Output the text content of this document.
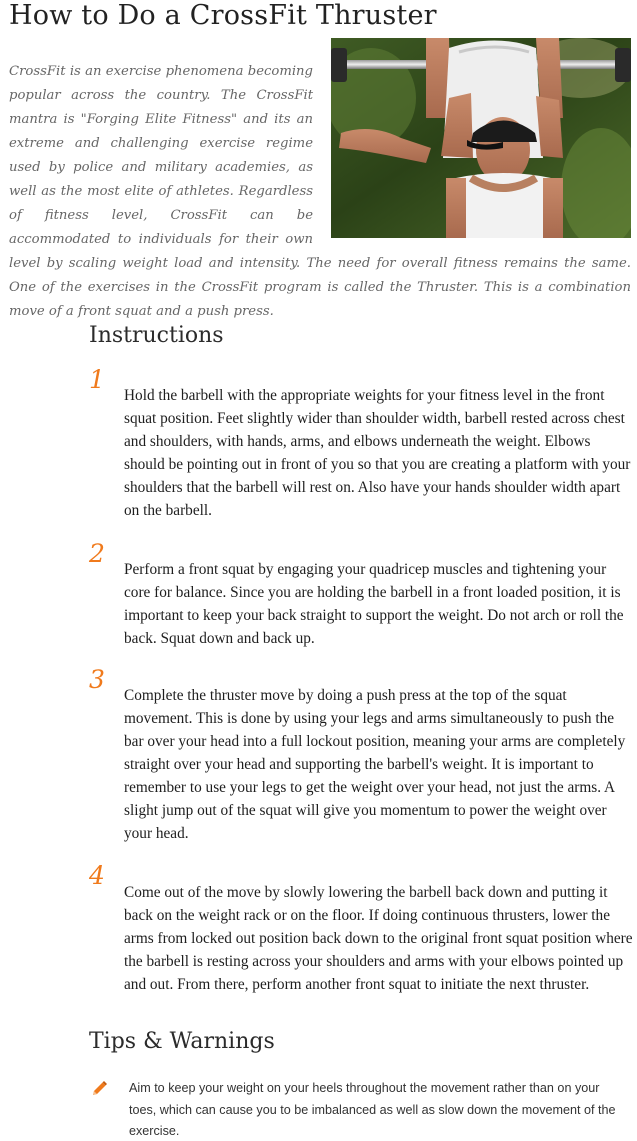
How to Do a CrossFit Thruster

CrossFit is an exercise phenomena becoming popular across the country. The CrossFit mantra is "Forging Elite Fitness" and its an extreme and challenging exercise regime used by police and military academies, as well as the most elite of athletes. Regardless of fitness level, CrossFit can be accommodated to individuals for their own level by scaling weight load and intensity. The need for overall fitness remains the same. One of the exercises in the CrossFit program is called the Thruster. This is a combination move of a front squat and a push press.

Instructions
1

Hold the barbell with the appropriate weights for your fitness level in the front squat position. Feet slightly wider than shoulder width, barbell rested across chest and shoulders, with hands, arms, and elbows underneath the weight. Elbows should be pointing out in front of you so that you are creating a platform with your shoulders that the barbell will rest on. Also have your hands shoulder width apart on the barbell.

2

Perform a front squat by engaging your quadricep muscles and tightening your core for balance. Since you are holding the barbell in a front loaded position, it is important to keep your back straight to support the weight. Do not arch or roll the back. Squat down and back up.

3

Complete the thruster move by doing a push press at the top of the squat movement. This is done by using your legs and arms simultaneously to push the bar over your head into a full lockout position, meaning your arms are completely straight over your head and supporting the barbell's weight. It is important to remember to use your legs to get the weight over your head, not just the arms. A slight jump out of the squat will give you momentum to power the weight over your head.

4

Come out of the move by slowly lowering the barbell back down and putting it back on the weight rack or on the floor. If doing continuous thrusters, lower the arms from locked out position back down to the original front squat position where the barbell is resting across your shoulders and arms with your elbows pointed up and out. From there, perform another front squat to initiate the next thruster.

Tips & Warnings

Aim to keep your weight on your heels throughout the movement rather than on your toes, which can cause you to be imbalanced as well as slow down the movement of the exercise.
